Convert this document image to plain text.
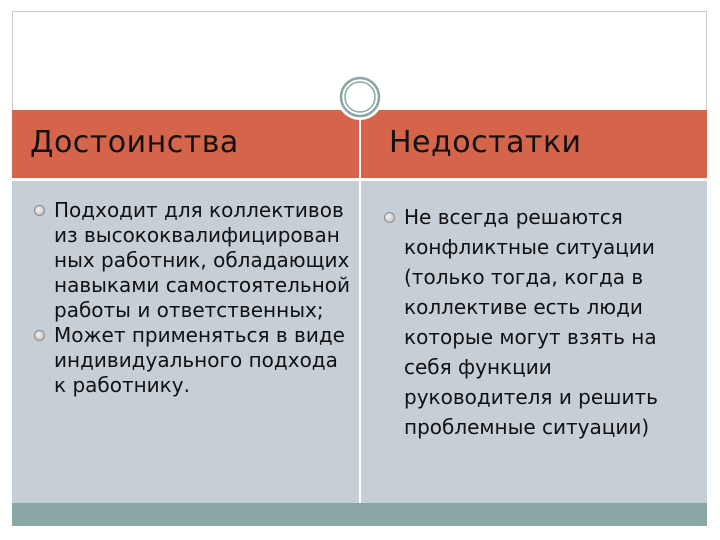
Достоинства	Недостатки
Подходит для коллективов из высококвалифицирован ных работник, обладающих навыками самостоятельной работы и ответственных;
Может применяться в виде индивидуального подхода к работнику.
Не всегда решаются конфликтные ситуации (только тогда, когда в коллективе есть люди которые могут взять на себя функции руководителя и решить проблемные ситуации)
